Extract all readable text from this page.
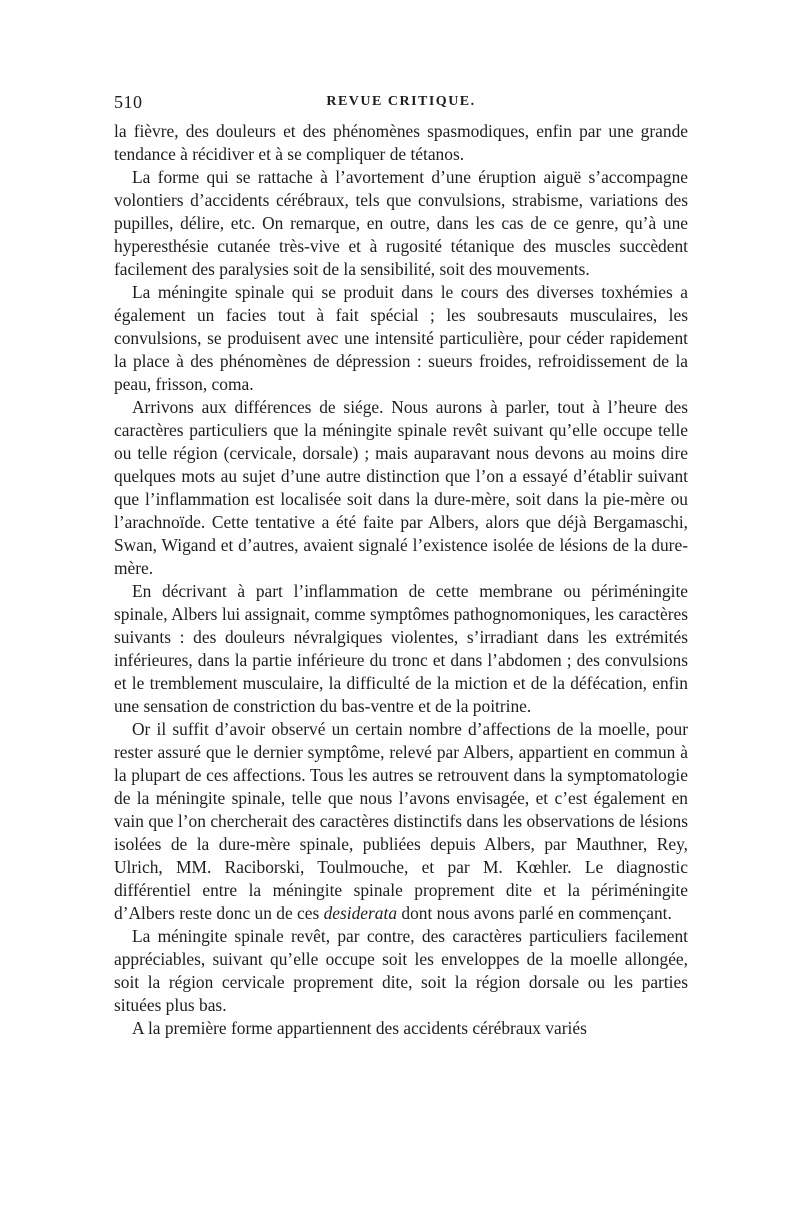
510	REVUE CRITIQUE.

la fièvre, des douleurs et des phénomènes spasmodiques, enfin par une grande tendance à récidiver et à se compliquer de tétanos.

La forme qui se rattache à l’avortement d’une éruption aiguë s’accompagne volontiers d’accidents cérébraux, tels que convulsions, strabisme, variations des pupilles, délire, etc. On remarque, en outre, dans les cas de ce genre, qu’à une hyperesthésie cutanée très-vive et à rugosité tétanique des muscles succèdent facilement des paralysies soit de la sensibilité, soit des mouvements.

La méningite spinale qui se produit dans le cours des diverses toxhémies a également un facies tout à fait spécial ; les soubresauts musculaires, les convulsions, se produisent avec une intensité particulière, pour céder rapidement la place à des phénomènes de dépression : sueurs froides, refroidissement de la peau, frisson, coma.

Arrivons aux différences de siége. Nous aurons à parler, tout à l’heure des caractères particuliers que la méningite spinale revêt suivant qu’elle occupe telle ou telle région (cervicale, dorsale) ; mais auparavant nous devons au moins dire quelques mots au sujet d’une autre distinction que l’on a essayé d’établir suivant que l’inflammation est localisée soit dans la dure-mère, soit dans la pie-mère ou l’arachnoïde. Cette tentative a été faite par Albers, alors que déjà Bergamaschi, Swan, Wigand et d’autres, avaient signalé l’existence isolée de lésions de la dure-mère.

En décrivant à part l’inflammation de cette membrane ou périméningite spinale, Albers lui assignait, comme symptômes pathognomoniques, les caractères suivants : des douleurs névralgiques violentes, s’irradiant dans les extrémités inférieures, dans la partie inférieure du tronc et dans l’abdomen ; des convulsions et le tremblement musculaire, la difficulté de la miction et de la défécation, enfin une sensation de constriction du bas-ventre et de la poitrine.

Or il suffit d’avoir observé un certain nombre d’affections de la moelle, pour rester assuré que le dernier symptôme, relevé par Albers, appartient en commun à la plupart de ces affections. Tous les autres se retrouvent dans la symptomatologie de la méningite spinale, telle que nous l’avons envisagée, et c’est également en vain que l’on chercherait des caractères distinctifs dans les observations de lésions isolées de la dure-mère spinale, publiées depuis Albers, par Mauthner, Rey, Ulrich, MM. Raciborski, Toulmouche, et par M. Kœhler. Le diagnostic différentiel entre la méningite spinale proprement dite et la périméningite d’Albers reste donc un de ces desiderata dont nous avons parlé en commençant.

La méningite spinale revêt, par contre, des caractères particuliers facilement appréciables, suivant qu’elle occupe soit les enveloppes de la moelle allongée, soit la région cervicale proprement dite, soit la région dorsale ou les parties situées plus bas.

A la première forme appartiennent des accidents cérébraux variés
